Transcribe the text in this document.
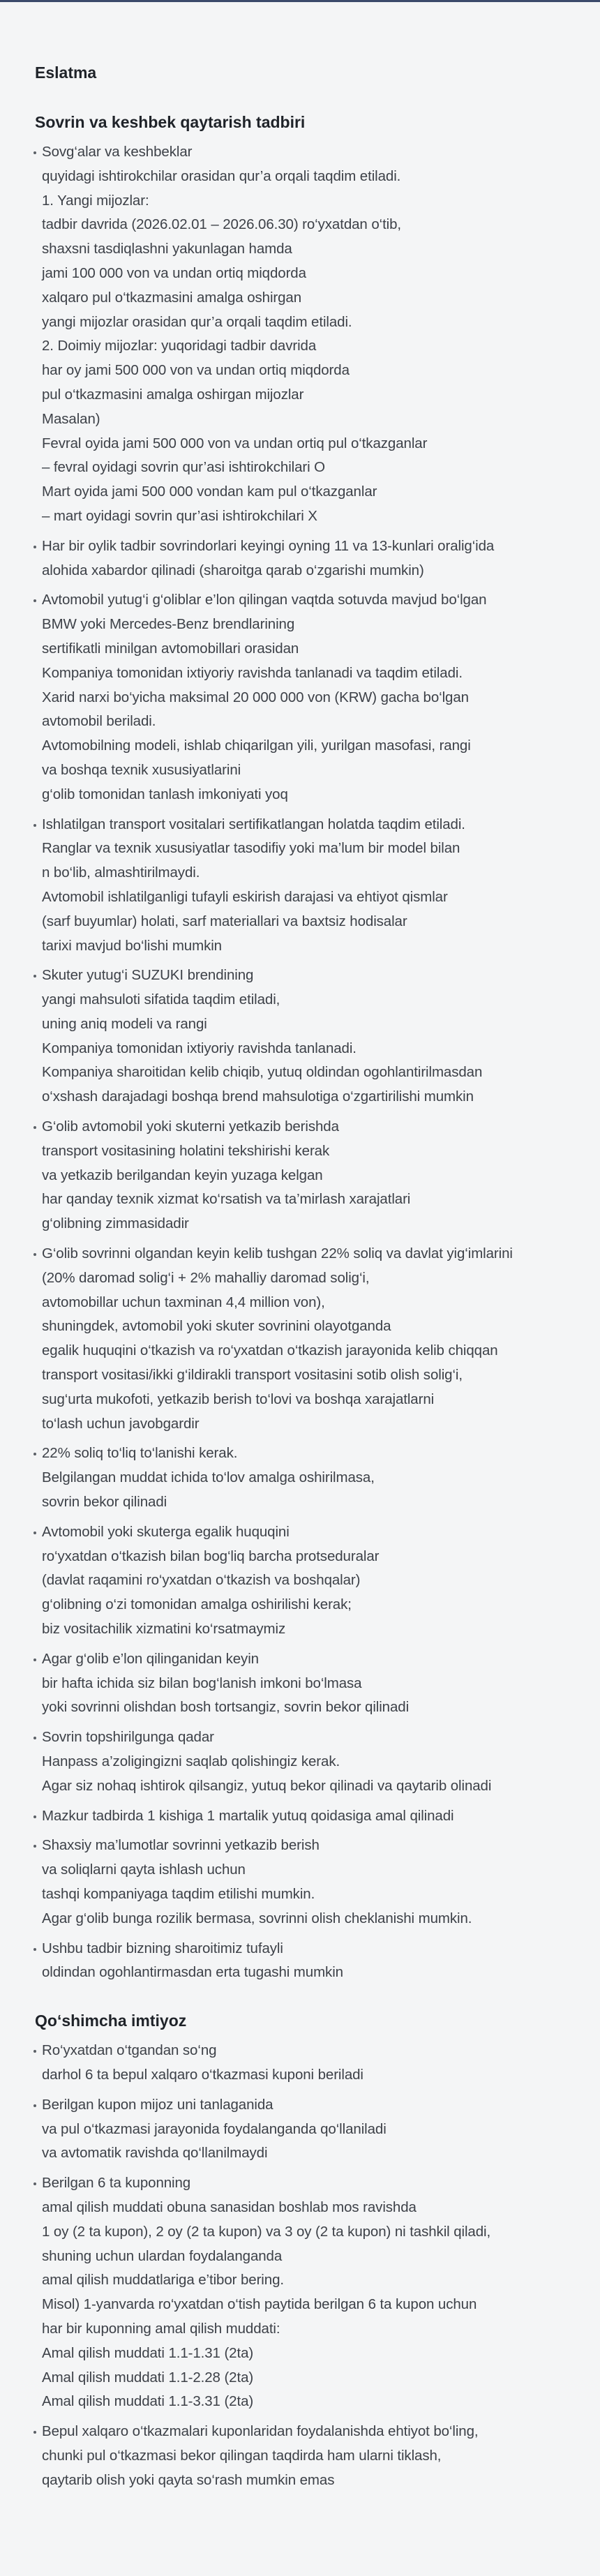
Eslatma
Sovrin va keshbek qaytarish tadbiri
Sovg‘alar va keshbeklar
quyidagi ishtirokchilar orasidan qur’a orqali taqdim etiladi.
1. Yangi mijozlar:
tadbir davrida (2026.02.01 – 2026.06.30) ro‘yxatdan o‘tib,
shaxsni tasdiqlashni yakunlagan hamda
jami 100 000 von va undan ortiq miqdorda
xalqaro pul o‘tkazmasini amalga oshirgan
yangi mijozlar orasidan qur’a orqali taqdim etiladi.
2. Doimiy mijozlar: yuqoridagi tadbir davrida
har oy jami 500 000 von va undan ortiq miqdorda
pul o‘tkazmasini amalga oshirgan mijozlar
Masalan)
Fevral oyida jami 500 000 von va undan ortiq pul o‘tkazganlar
– fevral oyidagi sovrin qur’asi ishtirokchilari O
Mart oyida jami 500 000 vondan kam pul o‘tkazganlar
– mart oyidagi sovrin qur’asi ishtirokchilari X
Har bir oylik tadbir sovrindorlari keyingi oyning 11 va 13-kunlari oralig‘ida
alohida xabardor qilinadi (sharoitga qarab o‘zgarishi mumkin)
Avtomobil yutug‘i g‘oliblar e’lon qilingan vaqtda sotuvda mavjud bo‘lgan
BMW yoki Mercedes-Benz brendlarining
sertifikatli minilgan avtomobillari orasidan
Kompaniya tomonidan ixtiyoriy ravishda tanlanadi va taqdim etiladi.
Xarid narxi bo‘yicha maksimal 20 000 000 von (KRW) gacha bo‘lgan
avtomobil beriladi.
Avtomobilning modeli, ishlab chiqarilgan yili, yurilgan masofasi, rangi
va boshqa texnik xususiyatlarini
g‘olib tomonidan tanlash imkoniyati yoq
Ishlatilgan transport vositalari sertifikatlangan holatda taqdim etiladi.
Ranglar va texnik xususiyatlar tasodifiy yoki ma’lum bir model bilan
n bo‘lib, almashtirilmaydi.
Avtomobil ishlatilganligi tufayli eskirish darajasi va ehtiyot qismlar
(sarf buyumlar) holati, sarf materiallari va baxtsiz hodisalar
tarixi mavjud bo‘lishi mumkin
Skuter yutug‘i SUZUKI brendining
yangi mahsuloti sifatida taqdim etiladi,
uning aniq modeli va rangi
Kompaniya tomonidan ixtiyoriy ravishda tanlanadi.
Kompaniya sharoitidan kelib chiqib, yutuq oldindan ogohlantirilmasdan
o‘xshash darajadagi boshqa brend mahsulotiga o‘zgartirilishi mumkin
G‘olib avtomobil yoki skuterni yetkazib berishda
transport vositasining holatini tekshirishi kerak
va yetkazib berilgandan keyin yuzaga kelgan
har qanday texnik xizmat ko‘rsatish va ta’mirlash xarajatlari
g‘olibning zimmasidadir
G‘olib sovrinni olgandan keyin kelib tushgan 22% soliq va davlat yig‘imlarini
(20% daromad solig‘i + 2% mahalliy daromad solig‘i,
avtomobillar uchun taxminan 4,4 million von),
shuningdek, avtomobil yoki skuter sovrinini olayotganda
egalik huquqini o‘tkazish va ro‘yxatdan o‘tkazish jarayonida kelib chiqqan
transport vositasi/ikki g‘ildirakli transport vositasini sotib olish solig‘i,
sug‘urta mukofoti, yetkazib berish to‘lovi va boshqa xarajatlarni
to‘lash uchun javobgardir
22% soliq to‘liq to‘lanishi kerak.
Belgilangan muddat ichida to‘lov amalga oshirilmasa,
sovrin bekor qilinadi
Avtomobil yoki skuterga egalik huquqini
ro‘yxatdan o‘tkazish bilan bog‘liq barcha protseduralar
(davlat raqamini ro‘yxatdan o‘tkazish va boshqalar)
g‘olibning o‘zi tomonidan amalga oshirilishi kerak;
biz vositachilik xizmatini ko‘rsatmaymiz
Agar g‘olib e’lon qilinganidan keyin
bir hafta ichida siz bilan bog‘lanish imkoni bo‘lmasa
yoki sovrinni olishdan bosh tortsangiz, sovrin bekor qilinadi
Sovrin topshirilgunga qadar
Hanpass a’zoligingizni saqlab qolishingiz kerak.
Agar siz nohaq ishtirok qilsangiz, yutuq bekor qilinadi va qaytarib olinadi
Mazkur tadbirda 1 kishiga 1 martalik yutuq qoidasiga amal qilinadi
Shaxsiy ma’lumotlar sovrinni yetkazib berish
va soliqlarni qayta ishlash uchun
tashqi kompaniyaga taqdim etilishi mumkin.
Agar g‘olib bunga rozilik bermasa, sovrinni olish cheklanishi mumkin.
Ushbu tadbir bizning sharoitimiz tufayli
oldindan ogohlantirmasdan erta tugashi mumkin
Qo‘shimcha imtiyoz
Ro‘yxatdan o‘tgandan so‘ng
darhol 6 ta bepul xalqaro o‘tkazmasi kuponi beriladi
Berilgan kupon mijoz uni tanlaganida
va pul o‘tkazmasi jarayonida foydalanganda qo‘llaniladi
va avtomatik ravishda qo‘llanilmaydi
Berilgan 6 ta kuponning
amal qilish muddati obuna sanasidan boshlab mos ravishda
1 oy (2 ta kupon), 2 oy (2 ta kupon) va 3 oy (2 ta kupon) ni tashkil qiladi,
shuning uchun ulardan foydalanganda
amal qilish muddatlariga e’tibor bering.
Misol) 1-yanvarda ro‘yxatdan o‘tish paytida berilgan 6 ta kupon uchun
har bir kuponning amal qilish muddati:
Amal qilish muddati 1.1-1.31 (2ta)
Amal qilish muddati 1.1-2.28 (2ta)
Amal qilish muddati 1.1-3.31 (2ta)
Bepul xalqaro o‘tkazmalari kuponlaridan foydalanishda ehtiyot bo‘ling,
chunki pul o‘tkazmasi bekor qilingan taqdirda ham ularni tiklash,
qaytarib olish yoki qayta so‘rash mumkin emas
